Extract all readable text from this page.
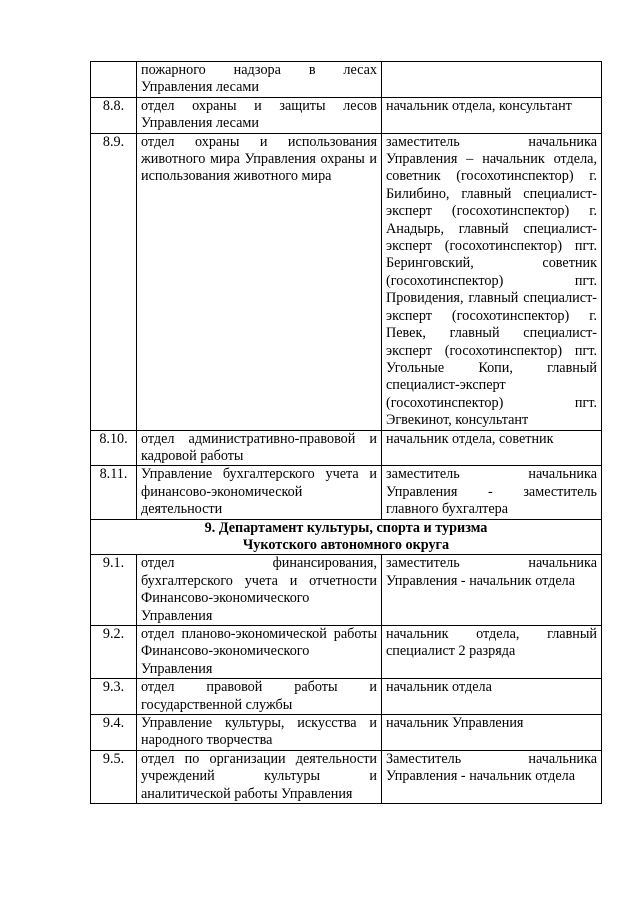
	пожарного надзора в лесах Управления лесами	
8.8.	отдел охраны и защиты лесов Управления лесами	начальник отдела, консультант
8.9.	отдел охраны и использования животного мира Управления охраны и использования животного мира	заместитель начальника Управления – начальник отдела, советник (госохотинспектор) г. Билибино, главный специалист-эксперт (госохотинспектор) г. Анадырь, главный специалист-эксперт (госохотинспектор) пгт. Беринговский, советник (госохотинспектор) пгт. Провидения, главный специалист-эксперт (госохотинспектор) г. Певек, главный специалист-эксперт (госохотинспектор) пгт. Угольные Копи, главный специалист-эксперт (госохотинспектор) пгт. Эгвекинот, консультант
8.10.	отдел административно-правовой и кадровой работы	начальник отдела, советник
8.11.	Управление бухгалтерского учета и финансово-экономической деятельности	заместитель начальника Управления - заместитель главного бухгалтера

9. Департамент культуры, спорта и туризма
Чукотского автономного округа		

9.1.	отдел финансирования, бухгалтерского учета и отчетности Финансово-экономического Управления	заместитель начальника Управления - начальник отдела
9.2.	отдел планово-экономической работы Финансово-экономического Управления	начальник отдела, главный специалист 2 разряда
9.3.	отдел правовой работы и государственной службы	начальник отдела
9.4.	Управление культуры, искусства и народного творчества	начальник Управления
9.5.	отдел по организации деятельности учреждений культуры и аналитической работы Управления	Заместитель начальника Управления - начальник отдела
